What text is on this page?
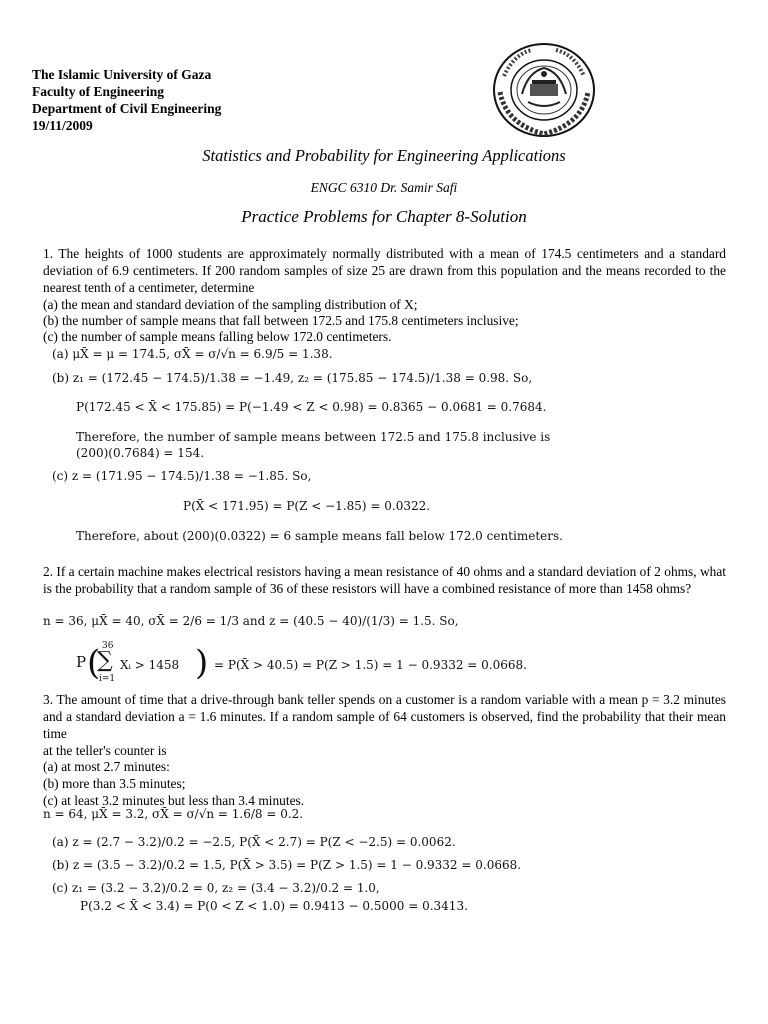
The Islamic University of Gaza
Faculty of Engineering
Department of Civil Engineering
19/11/2009
Statistics and Probability for Engineering Applications
ENGC 6310 Dr. Samir Safi
Practice Problems for Chapter 8-Solution
1. The heights of 1000 students are approximately normally distributed with a mean of 174.5 centimeters and a standard deviation of 6.9 centimeters. If 200 random samples of size 25 are drawn from this population and the means recorded to the nearest tenth of a centimeter, determine
(a) the mean and standard deviation of the sampling distribution of X;
(b) the number of sample means that fall between 172.5 and 175.8 centimeters inclusive;
(c) the number of sample means falling below 172.0 centimeters.
(a) μX̄ = μ = 174.5, σX̄ = σ/√n = 6.9/5 = 1.38.
(b) z₁ = (172.45 − 174.5)/1.38 = −1.49, z₂ = (175.85 − 174.5)/1.38 = 0.98. So,
P(172.45 < X̄ < 175.85) = P(−1.49 < Z < 0.98) = 0.8365 − 0.0681 = 0.7684.
Therefore, the number of sample means between 172.5 and 175.8 inclusive is
(200)(0.7684) = 154.
(c) z = (171.95 − 174.5)/1.38 = −1.85. So,
P(X̄ < 171.95) = P(Z < −1.85) = 0.0322.
Therefore, about (200)(0.0322) = 6 sample means fall below 172.0 centimeters.
2. If a certain machine makes electrical resistors having a mean resistance of 40 ohms and a standard deviation of 2 ohms, what is the probability that a random sample of 36 of these resistors will have a combined resistance of more than 1458 ohms?
n = 36, μX̄ = 40, σX̄ = 2/6 = 1/3 and z = (40.5 − 40)/(1/3) = 1.5. So,
P ( 36
∑
i=1
Xᵢ > 1458 ) = P(X̄ > 40.5) = P(Z > 1.5) = 1 − 0.9332 = 0.0668.
3. The amount of time that a drive-through bank teller spends on a customer is a random variable with a mean p = 3.2 minutes and a standard deviation a = 1.6 minutes. If a random sample of 64 customers is observed, find the probability that their mean time
at the teller's counter is
(a) at most 2.7 minutes:
(b) more than 3.5 minutes;
(c) at least 3.2 minutes but less than 3.4 minutes.
n = 64, μX̄ = 3.2, σX̄ = σ/√n = 1.6/8 = 0.2.
(a) z = (2.7 − 3.2)/0.2 = −2.5, P(X̄ < 2.7) = P(Z < −2.5) = 0.0062.
(b) z = (3.5 − 3.2)/0.2 = 1.5, P(X̄ > 3.5) = P(Z > 1.5) = 1 − 0.9332 = 0.0668.
(c) z₁ = (3.2 − 3.2)/0.2 = 0, z₂ = (3.4 − 3.2)/0.2 = 1.0,
P(3.2 < X̄ < 3.4) = P(0 < Z < 1.0) = 0.9413 − 0.5000 = 0.3413.
